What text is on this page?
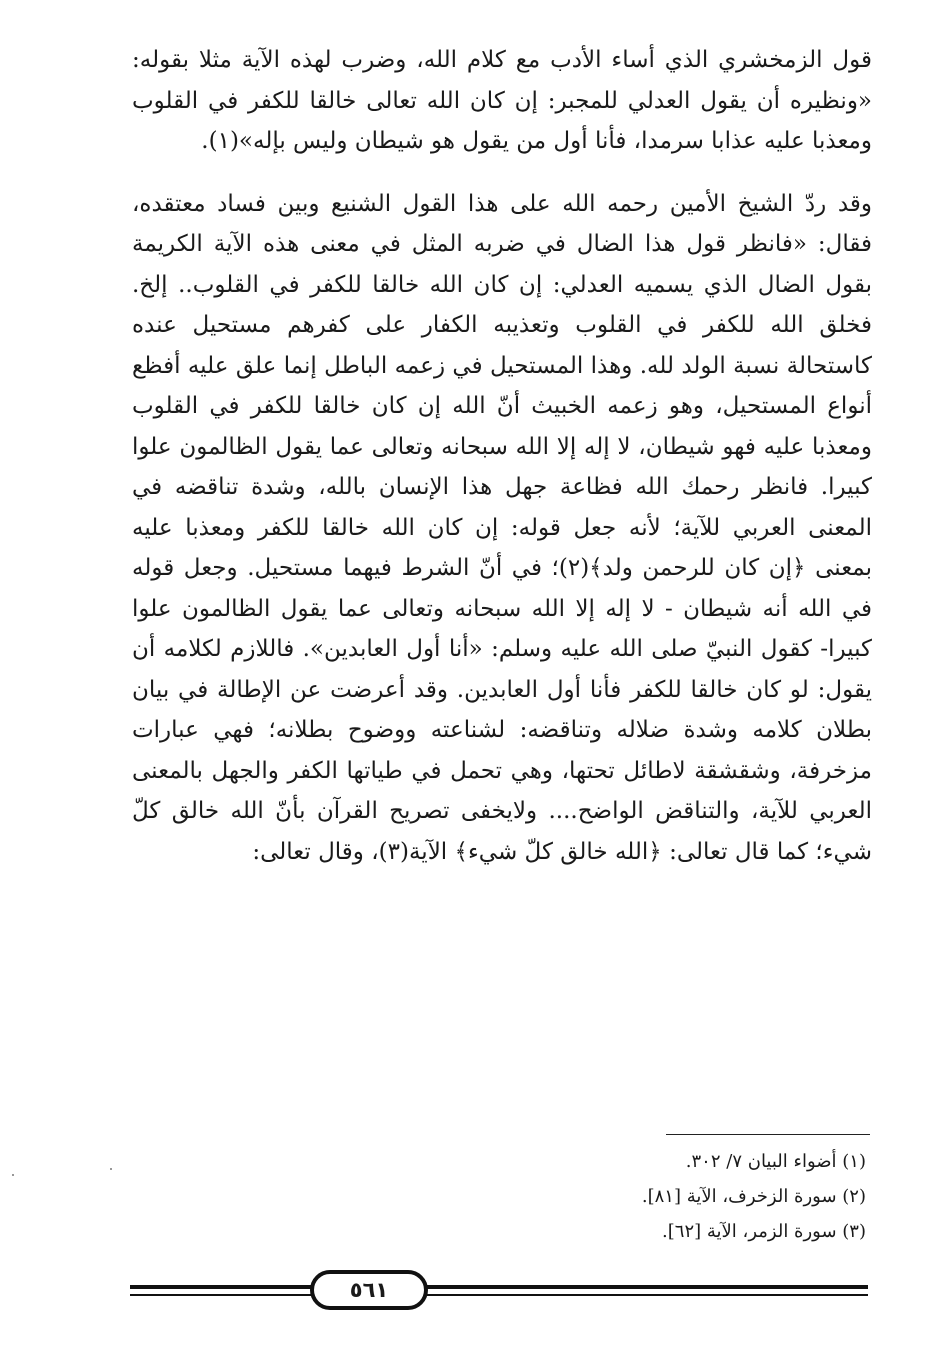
قول الزمخشري الذي أساء الأدب مع كلام الله، وضرب لهذه الآية مثلا بقوله: «ونظيره أن يقول العدلي للمجبر: إن كان الله تعالى خالقا للكفر في القلوب ومعذبا عليه عذابا سرمدا، فأنا أول من يقول هو شيطان وليس بإله»(١).

وقد ردّ الشيخ الأمين رحمه الله على هذا القول الشنيع وبين فساد معتقده، فقال: «فانظر قول هذا الضال في ضربه المثل في معنى هذه الآية الكريمة بقول الضال الذي يسميه العدلي: إن كان الله خالقا للكفر في القلوب.. إلخ. فخلق الله للكفر في القلوب وتعذيبه الكفار على كفرهم مستحيل عنده كاستحالة نسبة الولد لله. وهذا المستحيل في زعمه الباطل إنما علق عليه أفظع أنواع المستحيل، وهو زعمه الخبيث أنّ الله إن كان خالقا للكفر في القلوب ومعذبا عليه فهو شيطان، لا إله إلا الله سبحانه وتعالى عما يقول الظالمون علوا كبيرا. فانظر رحمك الله فظاعة جهل هذا الإنسان بالله، وشدة تناقضه في المعنى العربي للآية؛ لأنه جعل قوله: إن كان الله خالقا للكفر ومعذبا عليه بمعنى ﴿إن كان للرحمن ولد﴾(٢)؛ في أنّ الشرط فيهما مستحيل. وجعل قوله في الله أنه شيطان - لا إله إلا الله سبحانه وتعالى عما يقول الظالمون علوا كبيرا- كقول النبيّ صلى الله عليه وسلم: «أنا أول العابدين». فاللازم لكلامه أن يقول: لو كان خالقا للكفر فأنا أول العابدين. وقد أعرضت عن الإطالة في بيان بطلان كلامه وشدة ضلاله وتناقضه: لشناعته ووضوح بطلانه؛ فهي عبارات مزخرفة، وشقشقة لاطائل تحتها، وهي تحمل في طياتها الكفر والجهل بالمعنى العربي للآية، والتناقض الواضح.... ولايخفى تصريح القرآن بأنّ الله خالق كلّ شيء؛ كما قال تعالى: ﴿الله خالق كلّ شيء﴾ الآية(٣)، وقال تعالى:

(١) أضواء البيان ٧/ ٣٠٢.

(٢) سورة الزخرف، الآية [٨١].

(٣) سورة الزمر، الآية [٦٢].

٥٦١
